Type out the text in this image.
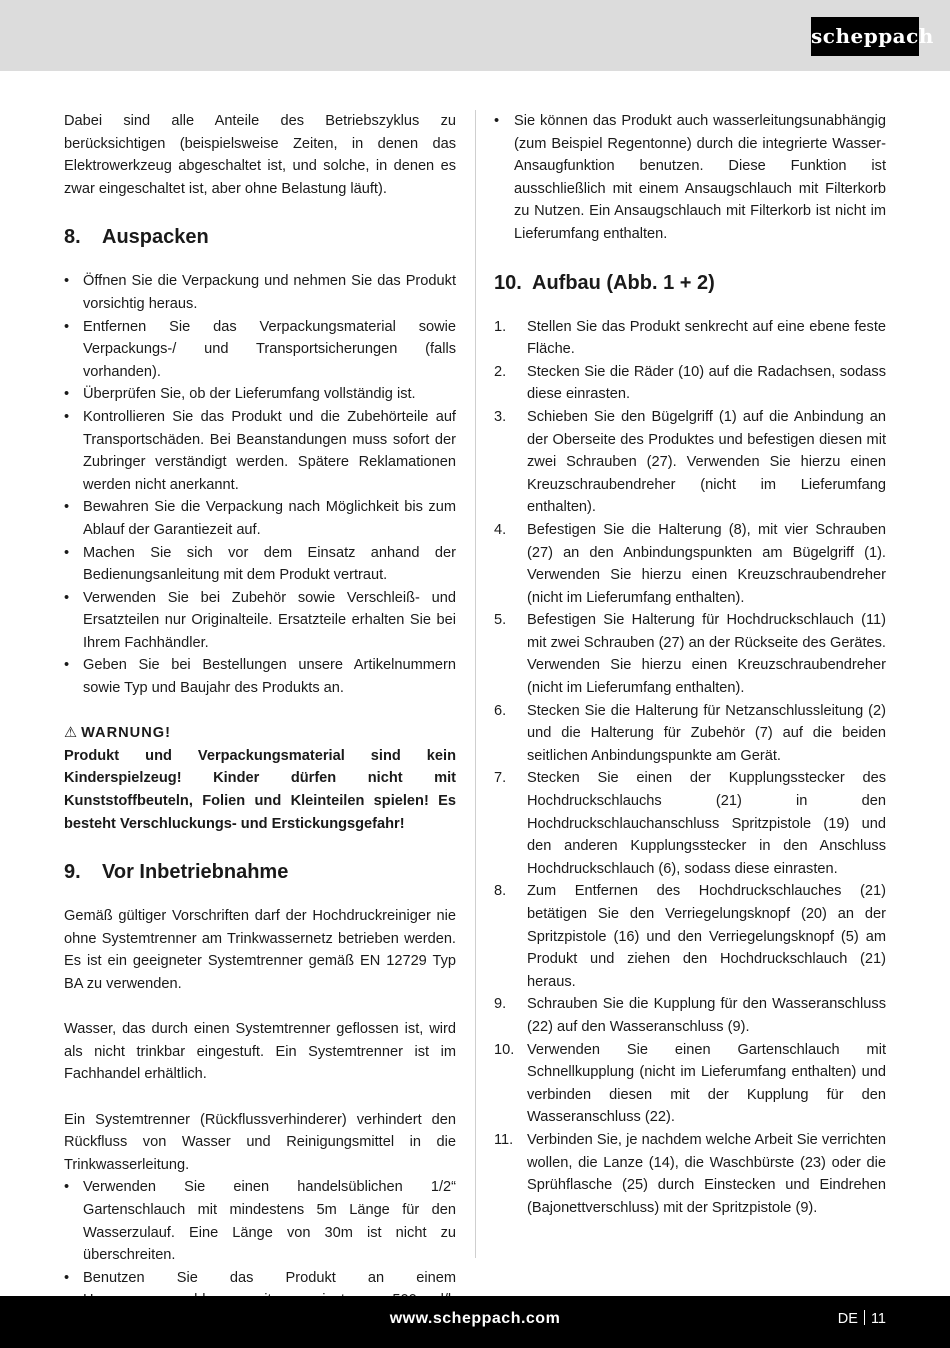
scheppach

Dabei sind alle Anteile des Betriebszyklus zu berücksichtigen (beispielsweise Zeiten, in denen das Elektrowerkzeug abgeschaltet ist, und solche, in denen es zwar eingeschaltet ist, aber ohne Belastung läuft).

8.	Auspacken
• Öffnen Sie die Verpackung und nehmen Sie das Produkt vorsichtig heraus.
• Entfernen Sie das Verpackungsmaterial sowie Verpackungs-/ und Transportsicherungen (falls vorhanden).
• Überprüfen Sie, ob der Lieferumfang vollständig ist.
• Kontrollieren Sie das Produkt und die Zubehörteile auf Transportschäden. Bei Beanstandungen muss sofort der Zubringer verständigt werden. Spätere Reklamationen werden nicht anerkannt.
• Bewahren Sie die Verpackung nach Möglichkeit bis zum Ablauf der Garantiezeit auf.
• Machen Sie sich vor dem Einsatz anhand der Bedienungsanleitung mit dem Produkt vertraut.
• Verwenden Sie bei Zubehör sowie Verschleiß- und Ersatzteilen nur Originalteile. Ersatzteile erhalten Sie bei Ihrem Fachhändler.
• Geben Sie bei Bestellungen unsere Artikelnummern sowie Typ und Baujahr des Produkts an.
⚠ WARNUNG!

Produkt und Verpackungsmaterial sind kein Kinderspielzeug! Kinder dürfen nicht mit Kunststoffbeuteln, Folien und Kleinteilen spielen! Es besteht Verschluckungs- und Erstickungsgefahr!

9.	Vor Inbetriebnahme

Gemäß gültiger Vorschriften darf der Hochdruckreiniger nie ohne Systemtrenner am Trinkwassernetz betrieben werden. Es ist ein geeigneter Systemtrenner gemäß EN 12729 Typ BA zu verwenden.

Wasser, das durch einen Systemtrenner geflossen ist, wird als nicht trinkbar eingestuft. Ein Systemtrenner ist im Fachhandel erhältlich.

Ein Systemtrenner (Rückflussverhinderer) verhindert den Rückfluss von Wasser und Reinigungsmittel in die Trinkwasserleitung.

• Verwenden Sie einen handelsüblichen 1/2“ Gartenschlauch mit mindestens 5m Länge für den Wasserzulauf. Eine Länge von 30m ist nicht zu überschreiten.
• Benutzen Sie das Produkt an einem
• Sie können das Produkt auch wasserleitungsunabhängig (zum Beispiel Regentonne) durch die integrierte Wasser-Ansaugfunktion benutzen. Diese Funktion ist ausschließlich mit einem Ansaugschlauch mit Filterkorb zu Nutzen. Ein Ansaugschlauch mit Filterkorb ist nicht im Lieferumfang enthalten.
10. Aufbau (Abb. 1 + 2)
1. Stellen Sie das Produkt senkrecht auf eine ebene feste Fläche.
2. Stecken Sie die Räder (10) auf die Radachsen, sodass diese einrasten.
3. Schieben Sie den Bügelgriff (1) auf die Anbindung an der Oberseite des Produktes und befestigen diesen mit zwei Schrauben (27). Verwenden Sie hierzu einen Kreuzschraubendreher (nicht im Lieferumfang enthalten).
4. Befestigen Sie die Halterung (8), mit vier Schrauben (27) an den Anbindungspunkten am Bügelgriff (1). Verwenden Sie hierzu einen Kreuzschraubendreher (nicht im Lieferumfang enthalten).
5. Befestigen Sie Halterung für Hochdruckschlauch (11) mit zwei Schrauben (27) an der Rückseite des Gerätes. Verwenden Sie hierzu einen Kreuzschraubendreher (nicht im Lieferumfang enthalten).
6. Stecken Sie die Halterung für Netzanschlussleitung (2) und die Halterung für Zubehör (7) auf die beiden seitlichen Anbindungspunkte am Gerät.
7. Stecken Sie einen der Kupplungsstecker des Hochdruckschlauchs (21) in den Hochdruckschlauchanschluss Spritzpistole (19) und den anderen Kupplungsstecker in den Anschluss Hochdruckschlauch (6), sodass diese einrasten.
8. Zum Entfernen des Hochdruckschlauches (21) betätigen Sie den Verriegelungsknopf (20) an der Spritzpistole (16) und den Verriegelungsknopf (5) am Produkt und ziehen den Hochdruckschlauch (21) heraus.
9. Schrauben Sie die Kupplung für den Wasseranschluss (22) auf den Wasseranschluss (9).
10. Verwenden Sie einen Gartenschlauch mit Schnellkupplung (nicht im Lieferumfang enthalten) und verbinden diesen mit der Kupplung für den Wasseranschluss (22).
11. Verbinden Sie, je nachdem welche Arbeit Sie verrichten wollen, die Lanze (14), die Waschbürste (23) oder die Sprühflasche (25) durch Einstecken und Eindrehen (Bajonettverschluss) mit der Spritzpistole (9).
www.scheppach.com	DE 11
